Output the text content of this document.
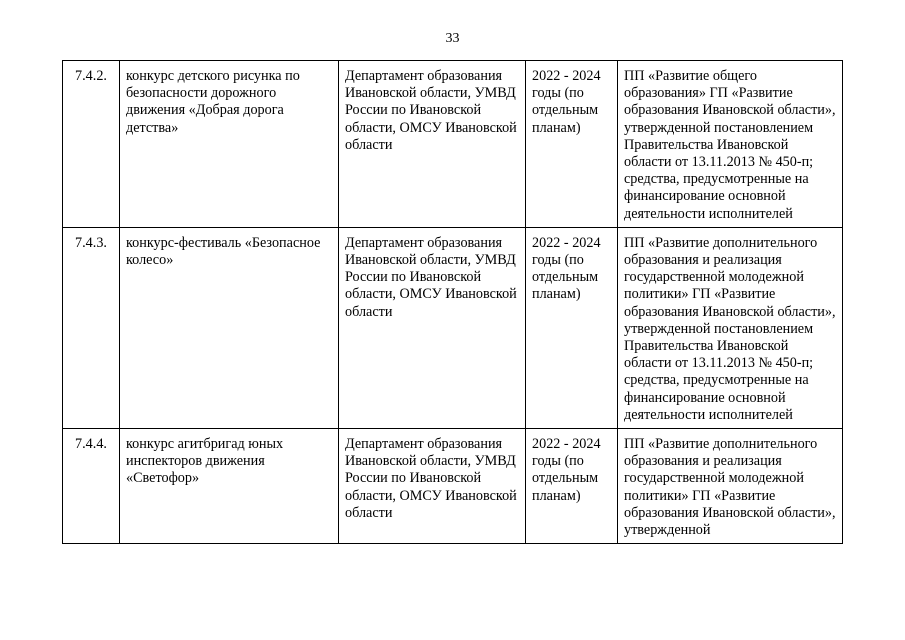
33
7.4.2.	конкурс детского рисунка по безопасности дорожного движения «Добрая дорога детства»	Департамент образования Ивановской области, УМВД России по Ивановской области, ОМСУ Ивановской области	2022 - 2024 годы (по отдельным планам)	ПП «Развитие общего образования» ГП «Развитие образования Ивановской области», утвержденной постановлением Правительства Ивановской области от 13.11.2013 № 450-п; средства, предусмотренные на финансирование основной деятельности исполнителей
7.4.3.	конкурс-фестиваль «Безопасное колесо»	Департамент образования Ивановской области, УМВД России по Ивановской области, ОМСУ Ивановской области	2022 - 2024 годы (по отдельным планам)	ПП «Развитие дополнительного образования и реализация государственной молодежной политики» ГП «Развитие образования Ивановской области», утвержденной постановлением Правительства Ивановской области от 13.11.2013 № 450-п; средства, предусмотренные на финансирование основной деятельности исполнителей
7.4.4.	конкурс агитбригад юных инспекторов движения «Светофор»	Департамент образования Ивановской области, УМВД России по Ивановской области, ОМСУ Ивановской области	2022 - 2024 годы (по отдельным планам)	ПП «Развитие дополнительного образования и реализация государственной молодежной политики» ГП «Развитие образования Ивановской области», утвержденной
